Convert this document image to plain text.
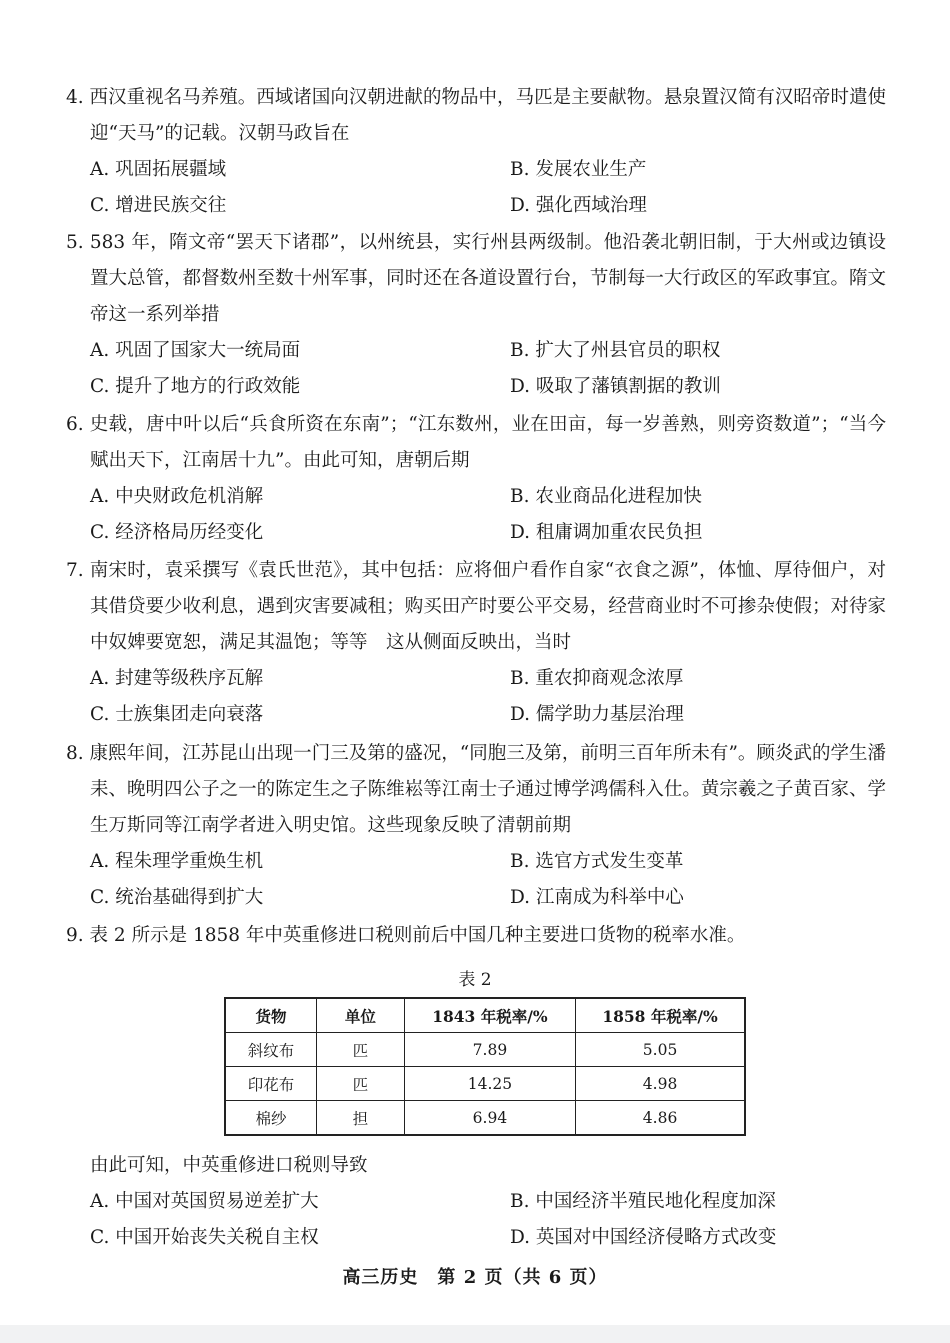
4. 西汉重视名马养殖。西域诸国向汉朝进献的物品中，马匹是主要献物。悬泉置汉简有汉昭帝时遣使迎“天马”的记载。汉朝马政旨在

A. 巩固拓展疆域	B. 发展农业生产
C. 增进民族交往	D. 强化西域治理

5. 583 年，隋文帝“罢天下诸郡”，以州统县，实行州县两级制。他沿袭北朝旧制，于大州或边镇设置大总管，都督数州至数十州军事，同时还在各道设置行台，节制每一大行政区的军政事宜。隋文帝这一系列举措

A. 巩固了国家大一统局面	B. 扩大了州县官员的职权
C. 提升了地方的行政效能	D. 吸取了藩镇割据的教训

6. 史载，唐中叶以后“兵食所资在东南”；“江东数州，业在田亩，每一岁善熟，则旁资数道”；“当今赋出天下，江南居十九”。由此可知，唐朝后期

A. 中央财政危机消解	B. 农业商品化进程加快
C. 经济格局历经变化	D. 租庸调加重农民负担

7. 南宋时，袁采撰写《袁氏世范》，其中包括：应将佃户看作自家“衣食之源”，体恤、厚待佃户，对其借贷要少收利息，遇到灾害要减租；购买田产时要公平交易，经营商业时不可掺杂使假；对待家中奴婢要宽恕，满足其温饱；等等　这从侧面反映出，当时

A. 封建等级秩序瓦解	B. 重农抑商观念浓厚
C. 士族集团走向衰落	D. 儒学助力基层治理

8. 康熙年间，江苏昆山出现一门三及第的盛况，“同胞三及第，前明三百年所未有”。顾炎武的学生潘耒、晚明四公子之一的陈定生之子陈维崧等江南士子通过博学鸿儒科入仕。黄宗羲之子黄百家、学生万斯同等江南学者进入明史馆。这些现象反映了清朝前期

A. 程朱理学重焕生机	B. 选官方式发生变革
C. 统治基础得到扩大	D. 江南成为科举中心

9. 表 2 所示是 1858 年中英重修进口税则前后中国几种主要进口货物的税率水准。

表 2
货物	单位	1843 年税率/%	1858 年税率/%
斜纹布	匹	7.89	5.05
印花布	匹	14.25	4.98
棉纱	担	6.94	4.86
由此可知，中英重修进口税则导致
A. 中国对英国贸易逆差扩大	B. 中国经济半殖民地化程度加深
C. 中国开始丧失关税自主权	D. 英国对中国经济侵略方式改变
高三历史　第 2 页（共 6 页）
